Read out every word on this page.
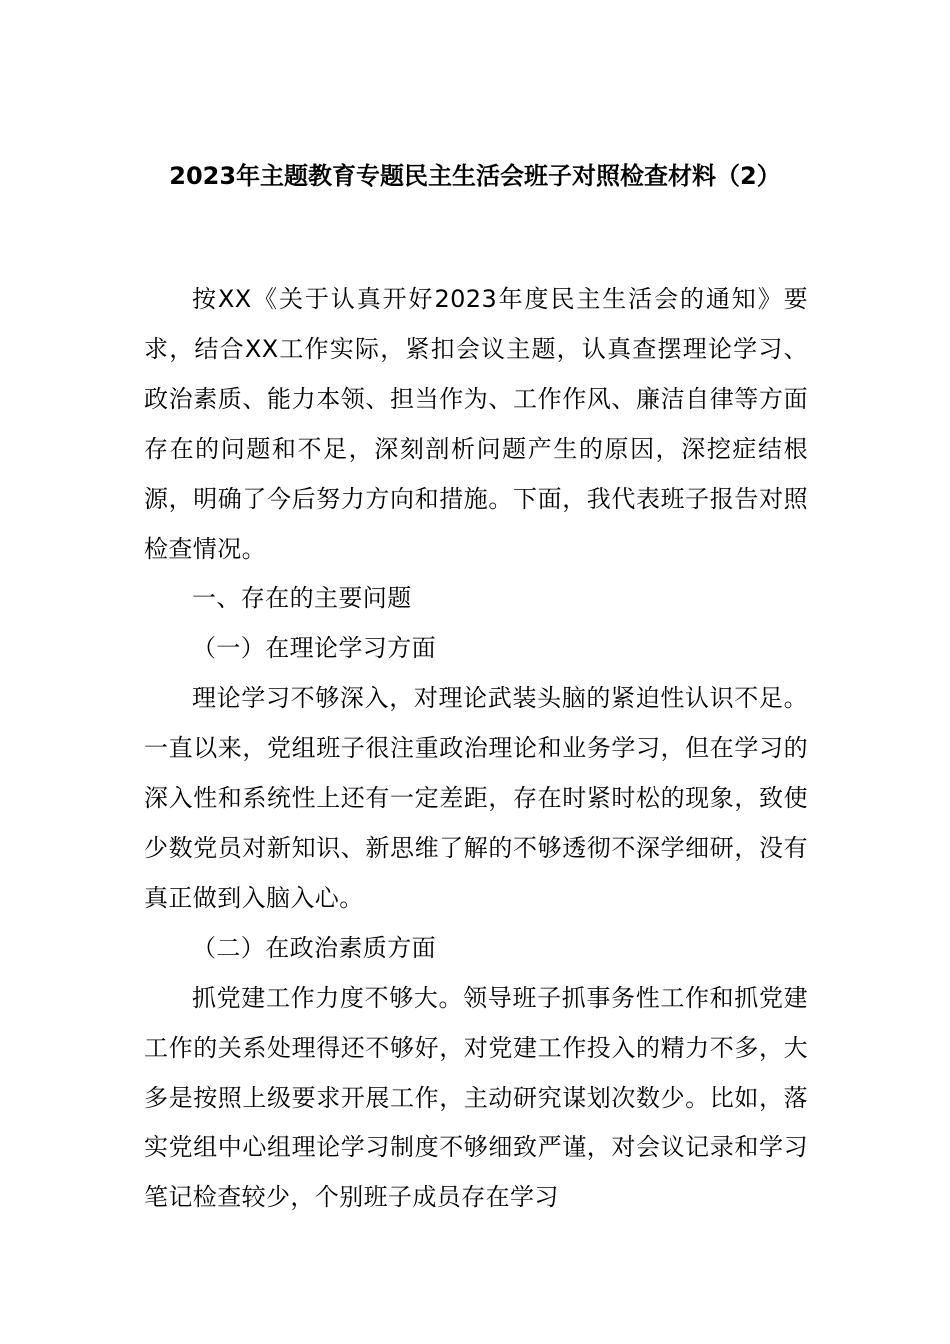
2023年主题教育专题民主生活会班子对照检查材料（2）

按XX《关于认真开好2023年度民主生活会的通知》要求，结合XX工作实际，紧扣会议主题，认真查摆理论学习、政治素质、能力本领、担当作为、工作作风、廉洁自律等方面存在的问题和不足，深刻剖析问题产生的原因，深挖症结根源，明确了今后努力方向和措施。下面，我代表班子报告对照检查情况。

一、存在的主要问题

（一）在理论学习方面

理论学习不够深入，对理论武装头脑的紧迫性认识不足。一直以来，党组班子很注重政治理论和业务学习，但在学习的深入性和系统性上还有一定差距，存在时紧时松的现象，致使少数党员对新知识、新思维了解的不够透彻不深学细研，没有真正做到入脑入心。

（二）在政治素质方面

抓党建工作力度不够大。领导班子抓事务性工作和抓党建工作的关系处理得还不够好，对党建工作投入的精力不多，大多是按照上级要求开展工作，主动研究谋划次数少。比如，落实党组中心组理论学习制度不够细致严谨，对会议记录和学习笔记检查较少，个别班子成员存在学习
